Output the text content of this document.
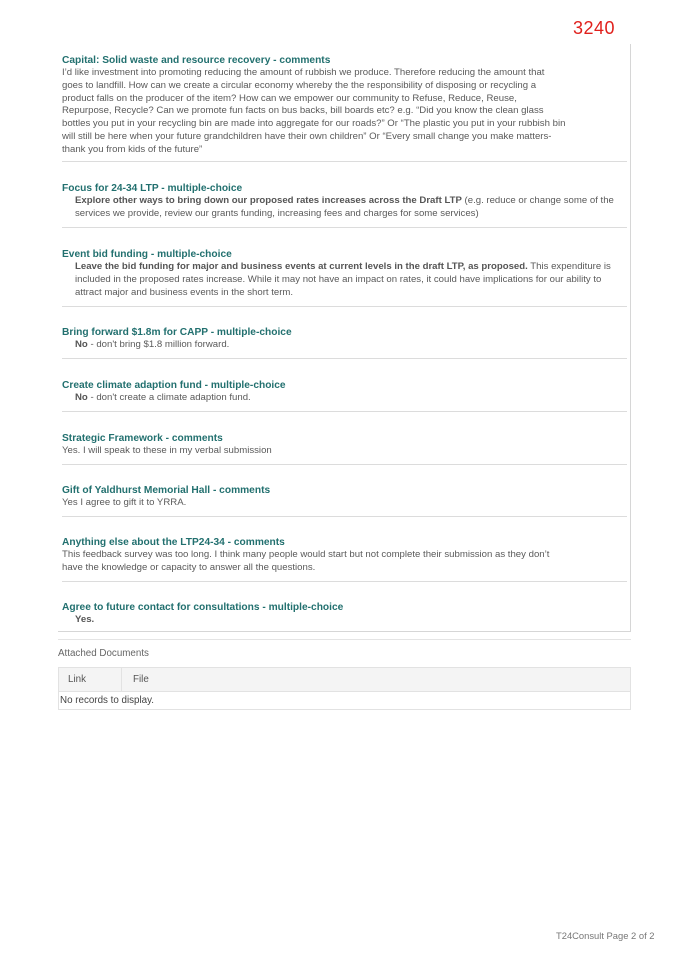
3240
Capital: Solid waste and resource recovery - comments
I’d like investment into promoting reducing the amount of rubbish we produce. Therefore reducing the amount that goes to landfill. How can we create a circular economy whereby the the responsibility of disposing or recycling a product falls on the producer of the item? How can we empower our community to Refuse, Reduce, Reuse, Repurpose, Recycle? Can we promote fun facts on bus backs, bill boards etc? e.g. “Did you know the clean glass bottles you put in your recycling bin are made into aggregate for our roads?” Or “The plastic you put in your rubbish bin will still be here when your future grandchildren have their own children” Or “Every small change you make matters- thank you from kids of the future”
Focus for 24-34 LTP - multiple-choice
Explore other ways to bring down our proposed rates increases across the Draft LTP (e.g. reduce or change some of the services we provide, review our grants funding, increasing fees and charges for some services)
Event bid funding - multiple-choice
Leave the bid funding for major and business events at current levels in the draft LTP, as proposed. This expenditure is included in the proposed rates increase. While it may not have an impact on rates, it could have implications for our ability to attract major and business events in the short term.
Bring forward $1.8m for CAPP - multiple-choice
No - don't bring $1.8 million forward.
Create climate adaption fund - multiple-choice
No - don't create a climate adaption fund.
Strategic Framework - comments
Yes. I will speak to these in my verbal submission
Gift of Yaldhurst Memorial Hall - comments
Yes I agree to gift it to YRRA.
Anything else about the LTP24-34 - comments
This feedback survey was too long. I think many people would start but not complete their submission as they don’t have the knowledge or capacity to answer all the questions.
Agree to future contact for consultations - multiple-choice
Yes.
Attached Documents
Link	File
No records to display.
T24Consult Page 2 of 2
